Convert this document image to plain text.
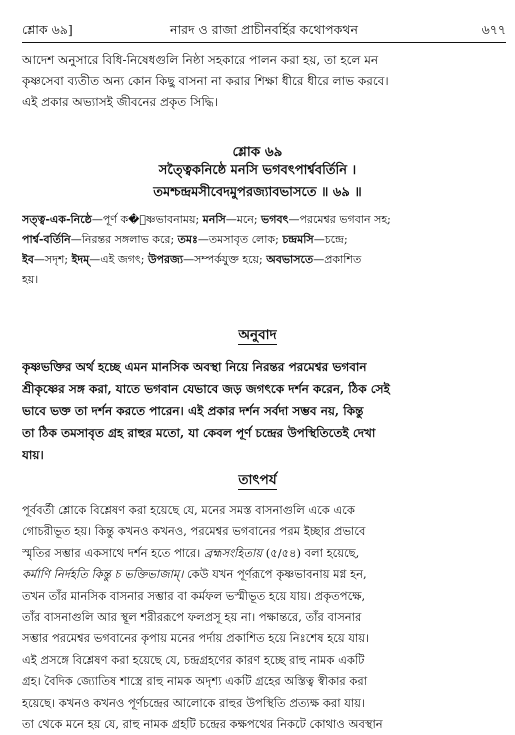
শ্লোক ৬৯]	নারদ ও রাজা প্রাচীনবর্হির কথোপকথন	৬৭৭

আদেশ অনুসারে বিধি-নিষেধগুলি নিষ্ঠা সহকারে পালন করা হয়, তা হলে মন

কৃষ্ণসেবা ব্যতীত অন্য কোন কিছু বাসনা না করার শিক্ষা ধীরে ধীরে লাভ করবে।

এই প্রকার অভ্যাসই জীবনের প্রকৃত সিদ্ধি।

শ্লোক ৬৯
সত্ত্বৈকনিষ্ঠে মনসি ভগবৎপার্শ্ববর্তিনি ।
তমশ্চন্দ্রমসীবেদমুপরজ্যাবভাসতে ॥ ৬৯ ॥

সত্ত্ব-এক-নিষ্ঠে—পূর্ণ ক�ৃষ্ণভাবনাময়; মনসি—মনে; ভগবৎ—পরমেশ্বর ভগবান সহ;

পার্শ্ব-বর্তিনি—নিরন্তর সঙ্গলাভ করে; তমঃ—তমসাবৃত লোক; চন্দ্রমসি—চন্দ্রে;

ইব—সদৃশ; ইদম্—এই জগৎ; উপরজ্য—সম্পর্কযুক্ত হয়ে; অবভাসতে—প্রকাশিত

হয়।

অনুবাদ

কৃষ্ণভক্তির অর্থ হচ্ছে এমন মানসিক অবস্থা নিয়ে নিরন্তর পরমেশ্বর ভগবান

শ্রীকৃষ্ণের সঙ্গ করা, যাতে ভগবান যেভাবে জড় জগৎকে দর্শন করেন, ঠিক সেই

ভাবে ভক্ত তা দর্শন করতে পারেন। এই প্রকার দর্শন সর্বদা সম্ভব নয়, কিন্তু

তা ঠিক তমসাবৃত গ্রহ রাহুর মতো, যা কেবল পূর্ণ চন্দ্রের উপস্থিতিতেই দেখা

যায়।

তাৎপর্য

পূর্ববর্তী শ্লোকে বিশ্লেষণ করা হয়েছে যে, মনের সমস্ত বাসনাগুলি একে একে

গোচরীভূত হয়। কিন্তু কখনও কখনও, পরমেশ্বর ভগবানের পরম ইচ্ছার প্রভাবে

স্মৃতির সম্ভার একসাথে দর্শন হতে পারে। ব্রহ্মসংহিতায় (৫/৫৪) বলা হয়েছে,

কর্মাণি নির্দহতি কিন্তু চ ভক্তিভাজাম্। কেউ যখন পূর্ণরূপে কৃষ্ণভাবনায় মগ্ন হন,

তখন তাঁর মানসিক বাসনার সম্ভার বা কর্মফল ভস্মীভূত হয়ে যায়। প্রকৃতপক্ষে,

তাঁর বাসনাগুলি আর স্থূল শরীররূপে ফলপ্রসূ হয় না। পক্ষান্তরে, তাঁর বাসনার

সম্ভার পরমেশ্বর ভগবানের কৃপায় মনের পর্দায় প্রকাশিত হয়ে নিঃশেষ হয়ে যায়।

এই প্রসঙ্গে বিশ্লেষণ করা হয়েছে যে, চন্দ্রগ্রহণের কারণ হচ্ছে রাহু নামক একটি

গ্রহ। বৈদিক জ্যোতিষ শাস্ত্রে রাহু নামক অদৃশ্য একটি গ্রহের অস্তিত্ব স্বীকার করা

হয়েছে। কখনও কখনও পূর্ণচন্দ্রের আলোকে রাহুর উপস্থিতি প্রত্যক্ষ করা যায়।

তা থেকে মনে হয় যে, রাহু নামক গ্রহটি চন্দ্রের কক্ষপথের নিকটে কোথাও অবস্থান
